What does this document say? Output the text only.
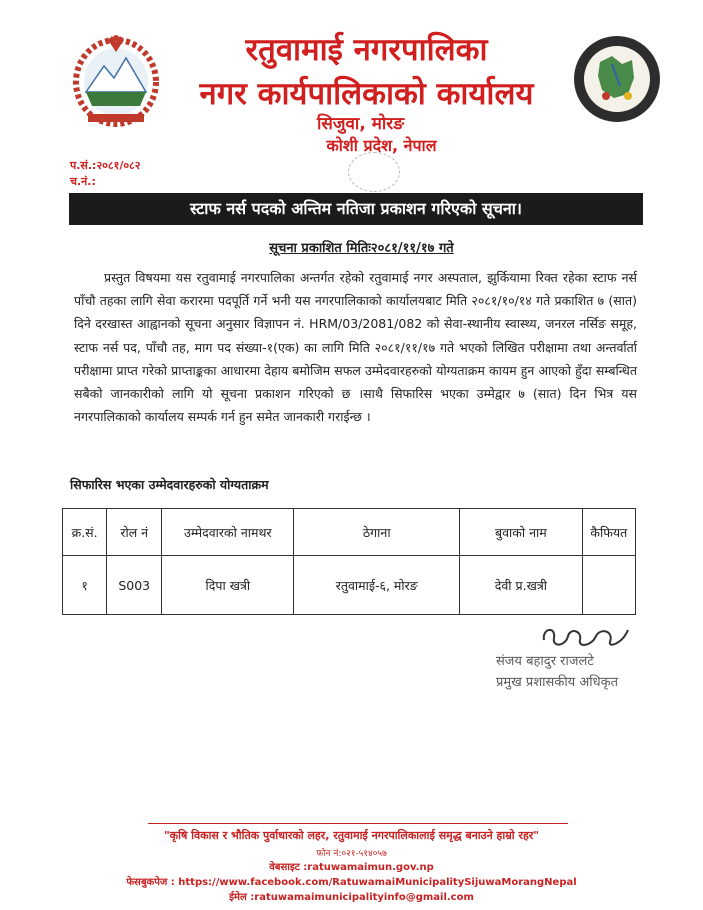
रतुवामाई नगरपालिका
नगर कार्यपालिकाको कार्यालय
सिजुवा, मोरङ
कोशी प्रदेश, नेपाल
प.सं.:२०८१/०८२
च.नं.:
स्टाफ नर्स पदको अन्तिम नतिजा प्रकाशन गरिएको सूचना।
सूचना प्रकाशित मितिः२०८१/११/१७ गते
प्रस्तुत विषयमा यस रतुवामाई नगरपालिका अन्तर्गत रहेको रतुवामाई नगर अस्पताल, झुर्कियामा रिक्त रहेका स्टाफ नर्स पाँचौ तहका लागि सेवा करारमा पदपूर्ति गर्ने भनी यस नगरपालिकाको कार्यालयबाट मिति २०८१/१०/१४ गते प्रकाशित ७ (सात) दिने दरखास्त आह्वानको सूचना अनुसार विज्ञापन नं. HRM/03/2081/082 को सेवा-स्थानीय स्वास्थ्य, जनरल नर्सिङ समूह, स्टाफ नर्स पद, पाँचौ तह, माग पद संख्या-१(एक) का लागि मिति २०८१/११/१७ गते भएको लिखित परीक्षामा तथा अन्तर्वार्ता परीक्षामा प्राप्त गरेको प्राप्ताङ्कका आधारमा देहाय बमोजिम सफल उम्मेदवारहरुको योग्यताक्रम कायम हुन आएको हुँदा सम्बन्धित सबैको जानकारीको लागि यो सूचना प्रकाशन गरिएको छ ।साथै सिफारिस भएका उम्मेद्वार ७ (सात) दिन भित्र यस नगरपालिकाको कार्यालय सम्पर्क गर्न हुन समेत जानकारी गराईन्छ ।
सिफारिस भएका उम्मेदवारहरुको योग्यताक्रम
क्र.सं.	रोल नं	उम्मेदवारको नामथर	ठेगाना	बुवाको नाम	कैफियत
१	S003	दिपा खत्री	रतुवामाई-६, मोरङ	देवी प्र.खत्री	
संजय बहादुर राजलटे
प्रमुख प्रशासकीय अधिकृत
"कृषि विकास र भौतिक पुर्वाधारको लहर, रतुवामाई नगरपालिकालाई समृद्ध बनाउने हाम्रो रहर"
फोन नं:०२१-५१४०५७
वेबसाइट :ratuwamaimun.gov.np
फेसबुकपेज : https://www.facebook.com/RatuwamaiMunicipalitySijuwaMorangNepal
ईमेल :ratuwamaimunicipalityinfo@gmail.com
